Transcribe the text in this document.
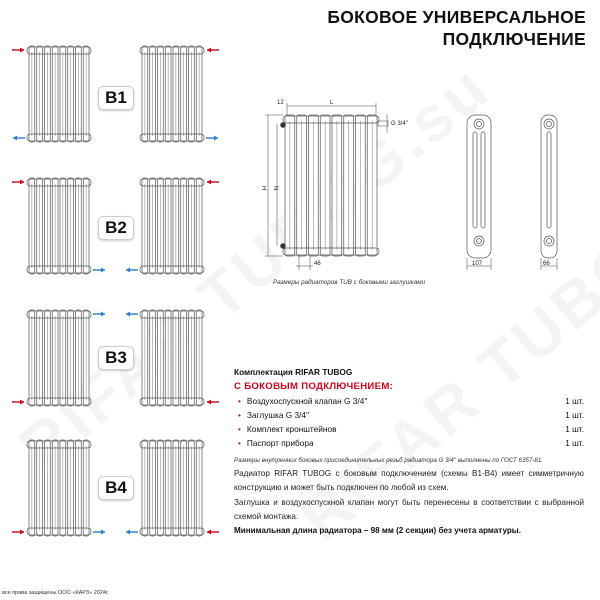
БОКОВОЕ УНИВЕРСАЛЬНОЕ
ПОДКЛЮЧЕНИЕ
B1
B2
B3
B4
12	L
G 3/4''
H N
46	107	66
Размеры радиаторов TUB с боковыми заглушками
Комплектация RIFAR TUBOG
С БОКОВЫМ ПОДКЛЮЧЕНИЕМ:
• Воздухоспускной клапан G 3/4''	1 шт.
• Заглушка G 3/4''	1 шт.
• Комплект кронштейнов	1 шт.
• Паспорт прибора	1 шт.
Размеры внутренних боковых присоединительных резьб радиатора G 3/4'' выполнены по ГОСТ 6357-81.
Радиатор RIFAR TUBOG с боковым подключением (схемы В1-В4) имеет симметричную конструкцию и может быть подключен по любой из схем.
Заглушка и воздухоспускной клапан могут быть перенесены в соответствии с выбранной схемой монтажа.
Минимальная длина радиатора – 98 мм (2 секции) без учета арматуры.
все права защищены ООО «КАРЗ» 2024г.
